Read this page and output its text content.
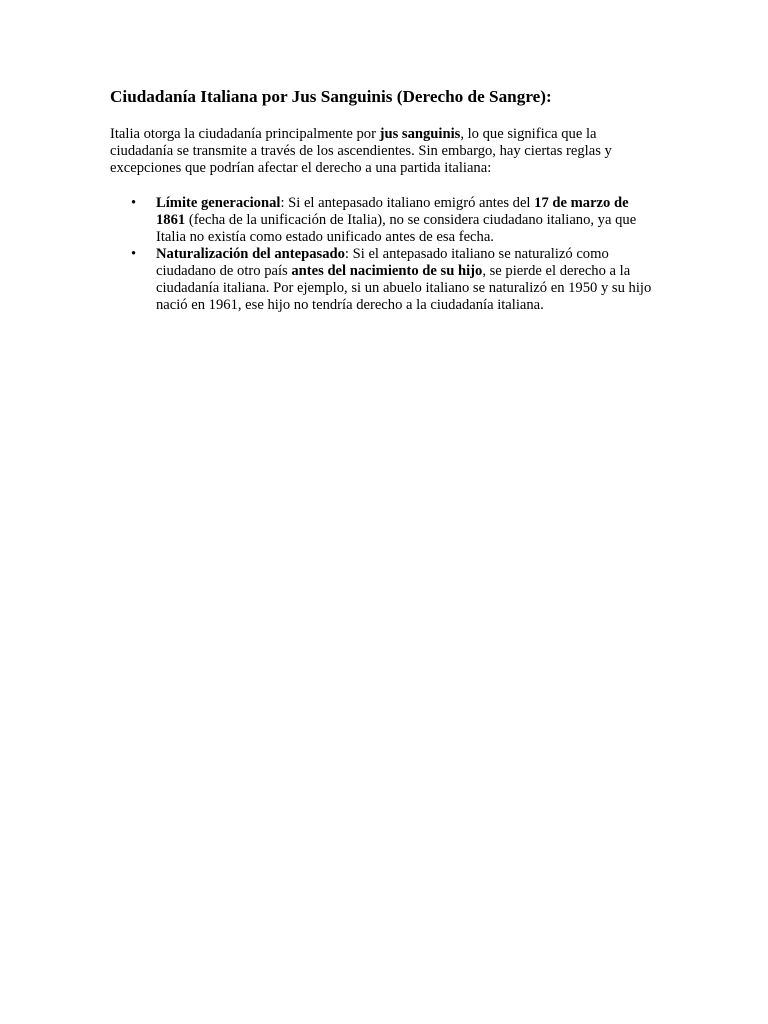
Ciudadanía Italiana por Jus Sanguinis (Derecho de Sangre):

Italia otorga la ciudadanía principalmente por jus sanguinis, lo que significa que la ciudadanía se transmite a través de los ascendientes. Sin embargo, hay ciertas reglas y excepciones que podrían afectar el derecho a una partida italiana:

• Límite generacional: Si el antepasado italiano emigró antes del 17 de marzo de 1861 (fecha de la unificación de Italia), no se considera ciudadano italiano, ya que Italia no existía como estado unificado antes de esa fecha.
• Naturalización del antepasado: Si el antepasado italiano se naturalizó como ciudadano de otro país antes del nacimiento de su hijo, se pierde el derecho a la ciudadanía italiana. Por ejemplo, si un abuelo italiano se naturalizó en 1950 y su hijo nació en 1961, ese hijo no tendría derecho a la ciudadanía italiana.
